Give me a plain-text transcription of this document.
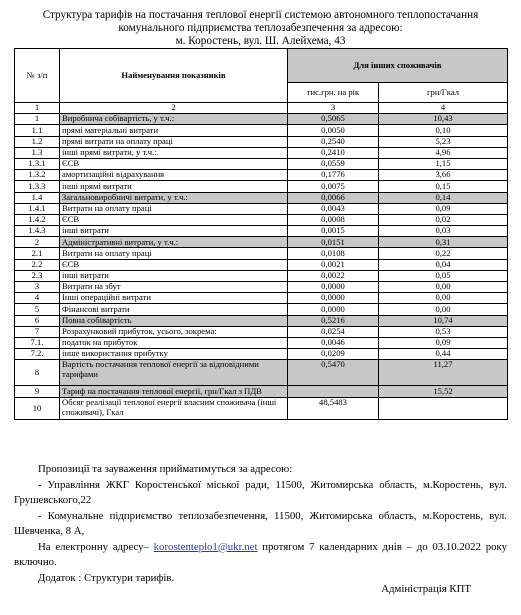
Структура тарифів на постачання теплової енергії системою автономного теплопостачання
комунального підприємства теплозабезпечення за адресою:
м. Коростень, вул. Ш. Алейхема, 43
№ з/п	Найменування показників	Для інших споживачів	
		тис.грн. на рік	грн/Гкал
1	2	3	4
1	Виробнича собівартість, у т.ч.:	0,5065	10,43
1.1	прямі матеріальні витрати	0,0050	0,10
1.2	прямі витрати на оплату праці	0,2540	5,23
1.3	інші прямі витрати, у т.ч.:	0,2410	4,96
1.3.1	ЄСВ	0,0559	1,15
1.3.2	амортизаційні відрахування	0,1776	3,66
1.3.3	інші прямі витрати	0,0075	0,15
1.4	Загальновиробничі витрати, у т.ч.:	0,0066	0,14
1.4.1	Витрати на оплату праці	0,0043	0,09
1.4.2	ЄСВ	0,0008	0,02
1.4.3	інші витрати	0,0015	0,03
2	Адміністративні витрати, у т.ч.:	0,0151	0,31
2.1	Витрати на оплату праці	0,0108	0,22
2.2	ЄСВ	0,0021	0,04
2.3	інші витрати	0,0022	0,05
3	Витрати на збут	0,0000	0,00
4	Інші операційні витрати	0,0000	0,00
5	Фінансові витрати	0,0000	0,00
6	Повна собівартість	0,5216	10,74
7	Розрахунковий прибуток, усього, зокрема:	0,0254	0,53
7.1.	податок на прибуток	0,0046	0,09
7.2.	інше використання прибутку	0,0209	0,44
8	Вартість постачання теплової енергії за відповідними тарифами	0,5470	11,27
9	Тариф на постачання теплової енергії, грн/Гкал з ПДВ		15,52
10	Обсяг реалізації теплової енергії власним споживача (інші споживачі), Гкал	48,5483	

Пропозиції та зауваження прийматимуться за адресою:

- Управління ЖКГ Коростенської міської ради, 11500, Житомирська область, м.Коростень, вул. Грушевського,22

- Комунальне підприємство теплозабезпечення, 11500, Житомирська область, м.Коростень, вул. Шевченка, 8 А,

На електронну адресу– korostenteplo1@ukr.net протягом 7 календарних днів – до 03.10.2022 року включно.

Додаток : Структури тарифів.

Адміністрація КПТ
